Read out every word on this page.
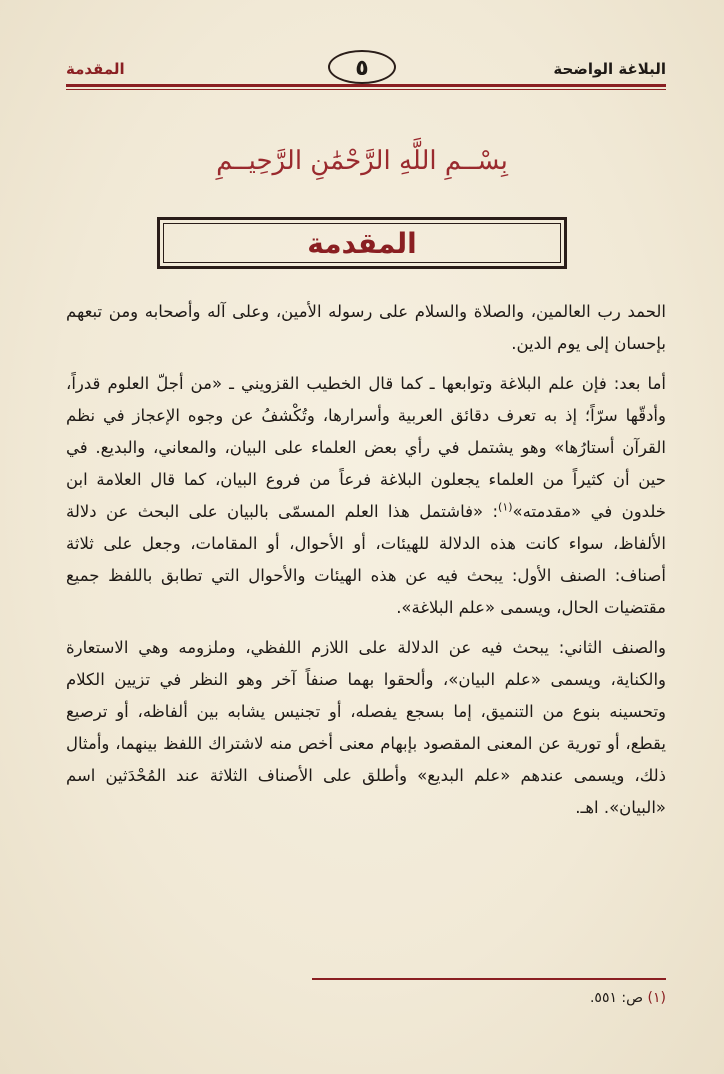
البلاغة الواضحة
٥
المقدمة
بِسْــمِ اللَّهِ الرَّحْمَٰنِ الرَّحِيــمِ
المقدمة

الحمد رب العالمين، والصلاة والسلام على رسوله الأمين، وعلى آله وأصحابه ومن تبعهم بإحسان إلى يوم الدين.

أما بعد: فإن علم البلاغة وتوابعها ـ كما قال الخطيب القزويني ـ «من أجلّ العلوم قدراً، وأدقّها سرّاً؛ إذ به تعرف دقائق العربية وأسرارها، وتُكْشفُ عن وجوه الإعجاز في نظم القرآن أستارُها» وهو يشتمل في رأي بعض العلماء على البيان، والمعاني، والبديع. في حين أن كثيراً من العلماء يجعلون البلاغة فرعاً من فروع البيان، كما قال العلامة ابن خلدون في «مقدمته»$^{(١)}$: «فاشتمل هذا العلم المسمّى بالبيان على البحث عن دلالة الألفاظ، سواء كانت هذه الدلالة للهيئات، أو الأحوال، أو المقامات، وجعل على ثلاثة أصناف: الصنف الأول: يبحث فيه عن هذه الهيئات والأحوال التي تطابق باللفظ جميع مقتضيات الحال، ويسمى «علم البلاغة».

والصنف الثاني: يبحث فيه عن الدلالة على اللازم اللفظي، وملزومه وهي الاستعارة والكناية، ويسمى «علم البيان»، وألحقوا بهما صنفاً آخر وهو النظر في تزيين الكلام وتحسينه بنوع من التنميق، إما بسجع يفصله، أو تجنيس يشابه بين ألفاظه، أو ترصيع يقطع، أو تورية عن المعنى المقصود بإبهام معنى أخص منه لاشتراك اللفظ بينهما، وأمثال ذلك، ويسمى عندهم «علم البديع» وأطلق على الأصناف الثلاثة عند المُحْدَثين اسم «البيان». اهـ.

(١) ص: ٥٥١.
